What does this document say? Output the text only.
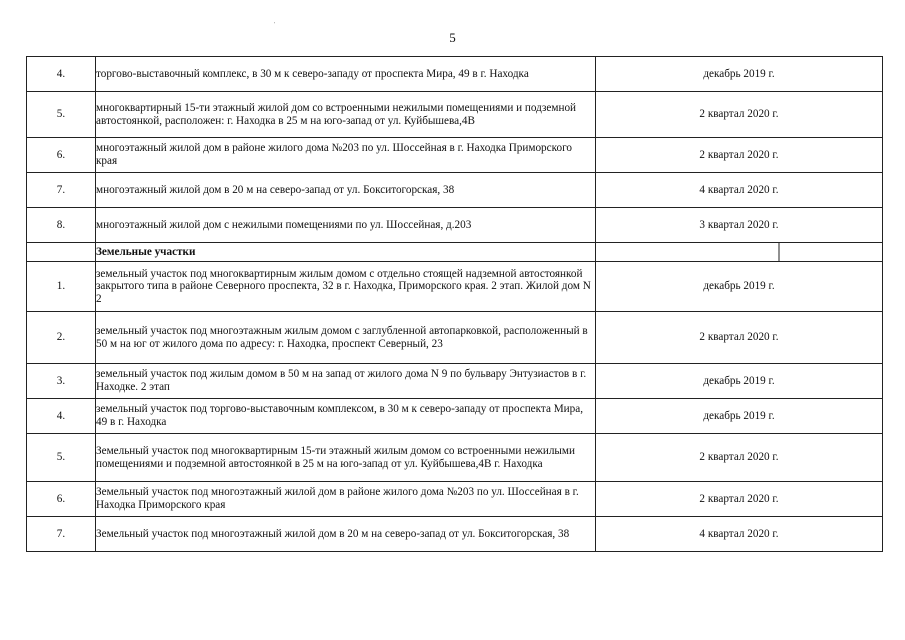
5
'
4.	торгово-выставочный комплекс, в 30 м к северо-западу от проспекта Мира, 49 в г. Находка	декабрь 2019 г.
5.	многоквартирный 15-ти этажный жилой дом со встроенными нежилыми помещениями и подземной автостоянкой, расположен: г. Находка в 25 м на юго-запад от ул. Куйбышева,4В	2 квартал 2020 г.
6.	многоэтажный жилой дом в районе жилого дома №203 по ул. Шоссейная в г. Находка Приморского края	2 квартал 2020 г.
7.	многоэтажный жилой дом в 20 м на северо-запад от ул. Бокситогорская, 38	4 квартал 2020 г.
8.	многоэтажный жилой дом с нежилыми помещениями по ул. Шоссейная, д.203	3 квартал 2020 г.
	Земельные участки	
1.	земельный участок под многоквартирным жилым домом с отдельно стоящей надземной автостоянкой закрытого типа в районе Северного проспекта, 32 в г. Находка, Приморского края. 2 этап. Жилой дом N 2	декабрь 2019 г.
2.	земельный участок под многоэтажным жилым домом с заглубленной автопарковкой, расположенный в 50 м на юг от жилого дома по адресу: г. Находка, проспект Северный, 23	2 квартал 2020 г.
3.	земельный участок под жилым домом в 50 м на запад от жилого дома N 9 по бульвару Энтузиастов в г. Находке. 2 этап	декабрь 2019 г.
4.	земельный участок под торгово-выставочным комплексом, в 30 м к северо-западу от проспекта Мира, 49 в г. Находка	декабрь 2019 г.
5.	Земельный участок под многоквартирным 15-ти этажный жилым домом со встроенными нежилыми помещениями и подземной автостоянкой в 25 м на юго-запад от ул. Куйбышева,4В г. Находка	2 квартал 2020 г.
6.	Земельный участок под многоэтажный жилой дом в районе жилого дома №203 по ул. Шоссейная в г. Находка Приморского края	2 квартал 2020 г.
7.	Земельный участок под многоэтажный жилой дом в 20 м на северо-запад от ул. Бокситогорская, 38	4 квартал 2020 г.
